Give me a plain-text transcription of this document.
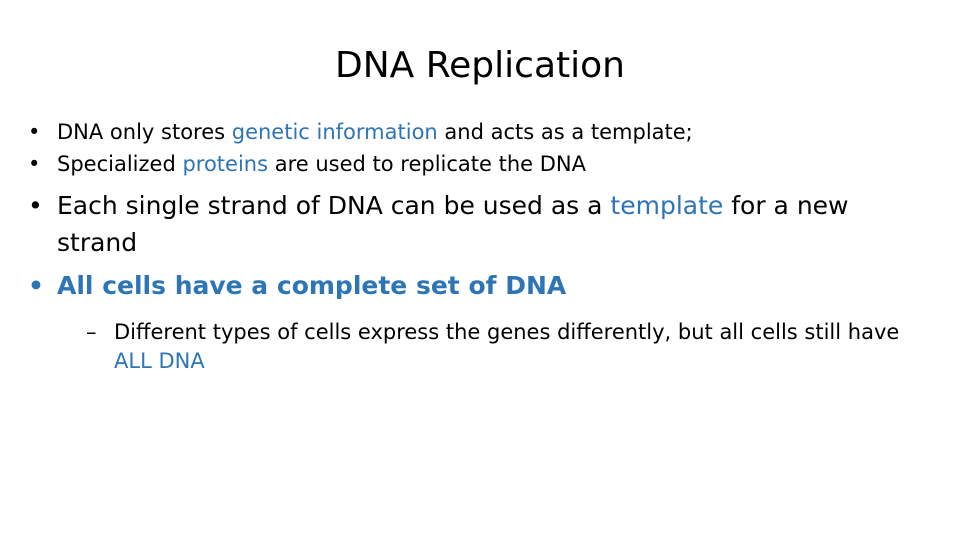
DNA Replication
• DNA only stores genetic information and acts as a template;
• Specialized proteins are used to replicate the DNA
• Each single strand of DNA can be used as a template for a new strand
• All cells have a complete set of DNA
– Different types of cells express the genes differently, but all cells still have ALL DNA
